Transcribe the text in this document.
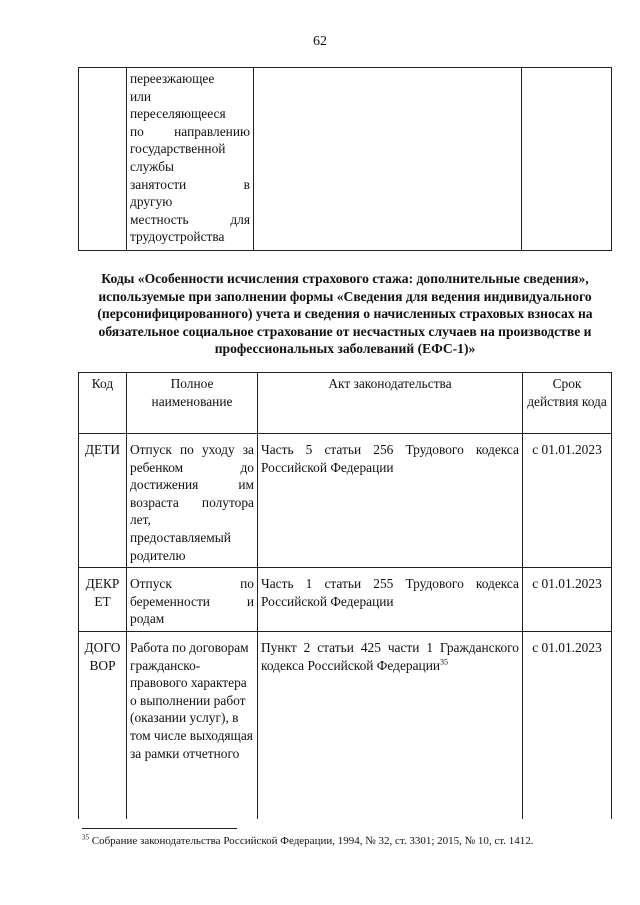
62

переезжающее
или
переселяющееся
по направлению
государственной
службы
занятости	в
другую
местность	для
трудоустройства

Коды «Особенности исчисления страхового стажа: дополнительные сведения», используемые при заполнении формы «Сведения для ведения индивидуального (персонифицированного) учета и сведения о начисленных страховых взносах на обязательное социальное страхование от несчастных случаев на производстве и профессиональных заболеваний (ЕФС-1)»
Код	Полное наименование	Акт законодательства	Срок действия кода
ДЕТИ	Отпуск по уходу за ребенком до достижения им возраста полутора лет, предоставляемый родителю	Часть 5 статьи 256 Трудового кодекса Российской Федерации	с 01.01.2023
ДЕКРЕТ	Отпуск по беременности и родам	Часть 1 статьи 255 Трудового кодекса Российской Федерации	с 01.01.2023
ДОГОВОР	Работа по договорам гражданско-правового характера о выполнении работ (оказании услуг), в том числе выходящая за рамки отчетного	Пункт 2 статьи 425 части 1 Гражданского кодекса Российской Федерации$^{35}$	с 01.01.2023
$^{35}$ Собрание законодательства Российской Федерации, 1994, № 32, ст. 3301; 2015, № 10, ст. 1412.
